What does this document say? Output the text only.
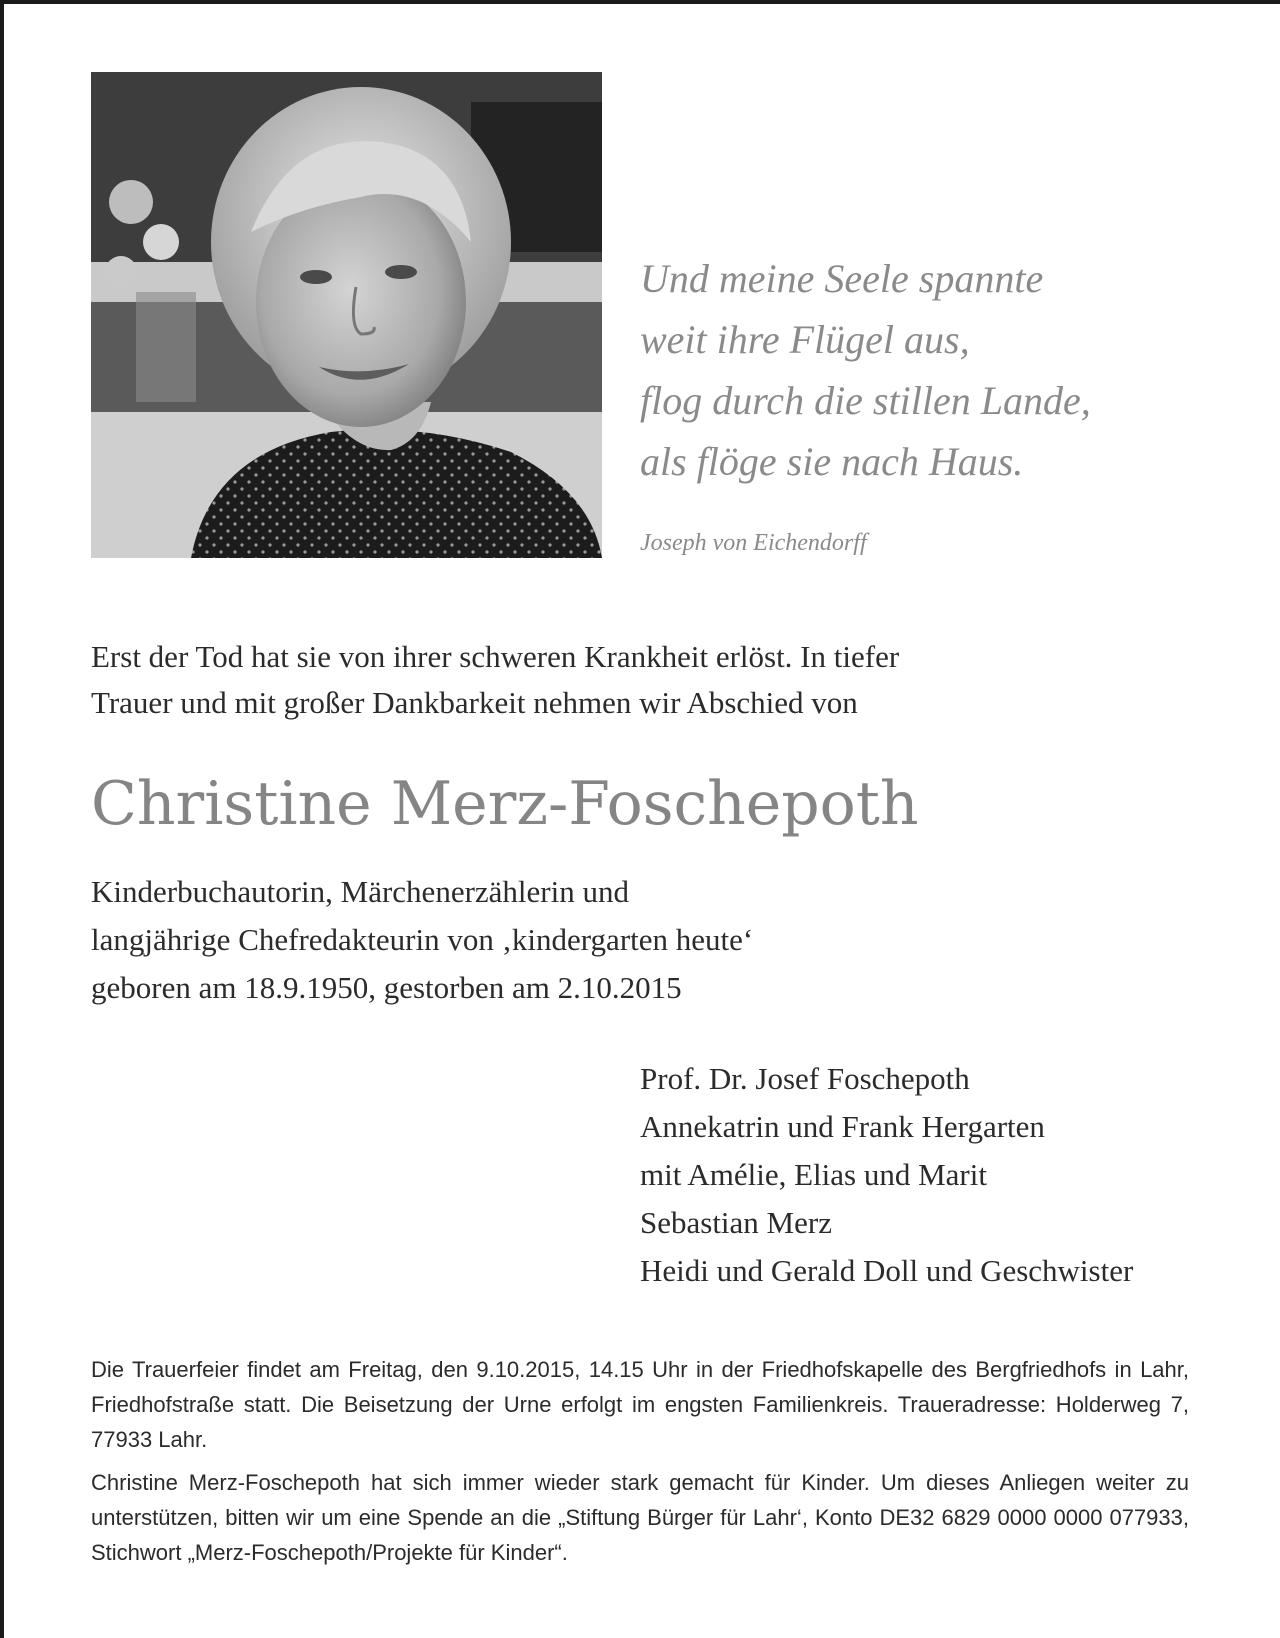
Und meine Seele spannte
weit ihre Flügel aus,
flog durch die stillen Lande,
als flöge sie nach Haus.
Joseph von Eichendorff
Erst der Tod hat sie von ihrer schweren Krankheit erlöst. In tiefer
Trauer und mit großer Dankbarkeit nehmen wir Abschied von
Christine Merz-Foschepoth
Kinderbuchautorin, Märchenerzählerin und
langjährige Chefredakteurin von ‚kindergarten heute‘
geboren am 18.9.1950, gestorben am 2.10.2015
Prof. Dr. Josef Foschepoth
Annekatrin und Frank Hergarten
mit Amélie, Elias und Marit
Sebastian Merz
Heidi und Gerald Doll und Geschwister

Die Trauerfeier findet am Freitag, den 9.10.2015, 14.15 Uhr in der Friedhofskapelle des Bergfriedhofs in Lahr, Friedhofstraße statt. Die Beisetzung der Urne erfolgt im engsten Familienkreis. Traueradresse: Holderweg 7, 77933 Lahr.

Christine Merz-Foschepoth hat sich immer wieder stark gemacht für Kinder. Um dieses Anliegen weiter zu unterstützen, bitten wir um eine Spende an die „Stiftung Bürger für Lahr‘, Konto DE32 6829 0000 0000 077933, Stichwort „Merz-Foschepoth/Projekte für Kinder“.
